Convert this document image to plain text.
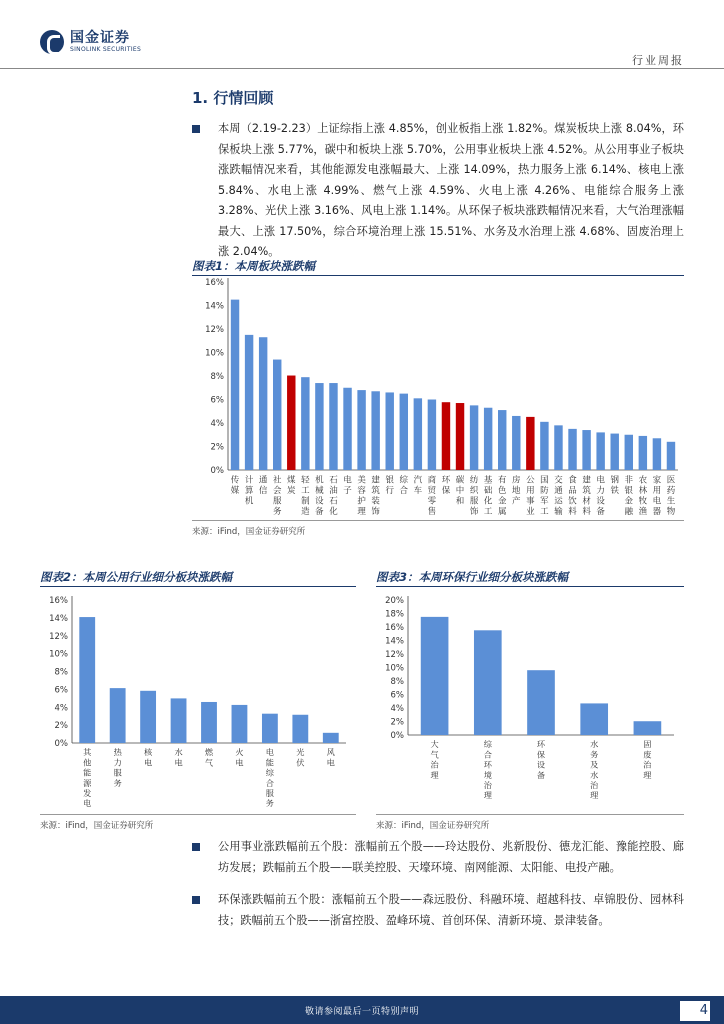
国金证券
SINOLINK SECURITIES
行业周报
1. 行情回顾
本周（2.19-2.23）上证综指上涨 4.85%，创业板指上涨 1.82%。煤炭板块上涨 8.04%，环保板块上涨 5.77%，碳中和板块上涨 5.70%，公用事业板块上涨 4.52%。从公用事业子板块涨跌幅情况来看，其他能源发电涨幅最大、上涨 14.09%，热力服务上涨 6.14%、核电上涨 5.84%、水电上涨 4.99%、燃气上涨 4.59%、火电上涨 4.26%、电能综合服务上涨 3.28%、光伏上涨 3.16%、风电上涨 1.14%。从环保子板块涨跌幅情况来看，大气治理涨幅最大、上涨 17.50%，综合环境治理上涨 15.51%、水务及水治理上涨 4.68%、固废治理上涨 2.04%。
图表1：本周板块涨跌幅
0%
2%
4%
6%
8%
10%
12%
14%
16%
传
媒
计
算
机
通
信
社
会
服
务
煤
炭
轻
工
制
造
机
械
设
备
石
油
石
化
电
子
美
容
护
理
建
筑
装
饰
银
行
综
合
汽
车
商
贸
零
售
环
保
碳
中
和
纺
织
服
饰
基
础
化
工
有
色
金
属
房
地
产
公
用
事
业
国
防
军
工
交
通
运
输
食
品
饮
料
建
筑
材
料
电
力
设
备
钢
铁
非
银
金
融
农
林
牧
渔
家
用
电
器
医
药
生
物
来源：iFind，国金证券研究所
图表2：本周公用行业细分板块涨跌幅
0%
2%
4%
6%
8%
10%
12%
14%
16%
其
他
能
源
发
电
热
力
服
务
核
电
水
电
燃
气
火
电
电
能
综
合
服
务
光
伏
风
电
来源：iFind，国金证券研究所
图表3：本周环保行业细分板块涨跌幅
0%
2%
4%
6%
8%
10%
12%
14%
16%
18%
20%
大
气
治
理
综
合
环
境
治
理
环
保
设
备
水
务
及
水
治
理
固
废
治
理
来源：iFind，国金证券研究所
公用事业涨跌幅前五个股：涨幅前五个股——玲达股份、兆新股份、德龙汇能、豫能控股、廊坊发展；跌幅前五个股——联美控股、天壕环境、南网能源、太阳能、电投产融。
环保涨跌幅前五个股：涨幅前五个股——森远股份、科融环境、超越科技、卓锦股份、园林科技；跌幅前五个股——浙富控股、盈峰环境、首创环保、清新环境、景津装备。
敬请参阅最后一页特别声明	4
